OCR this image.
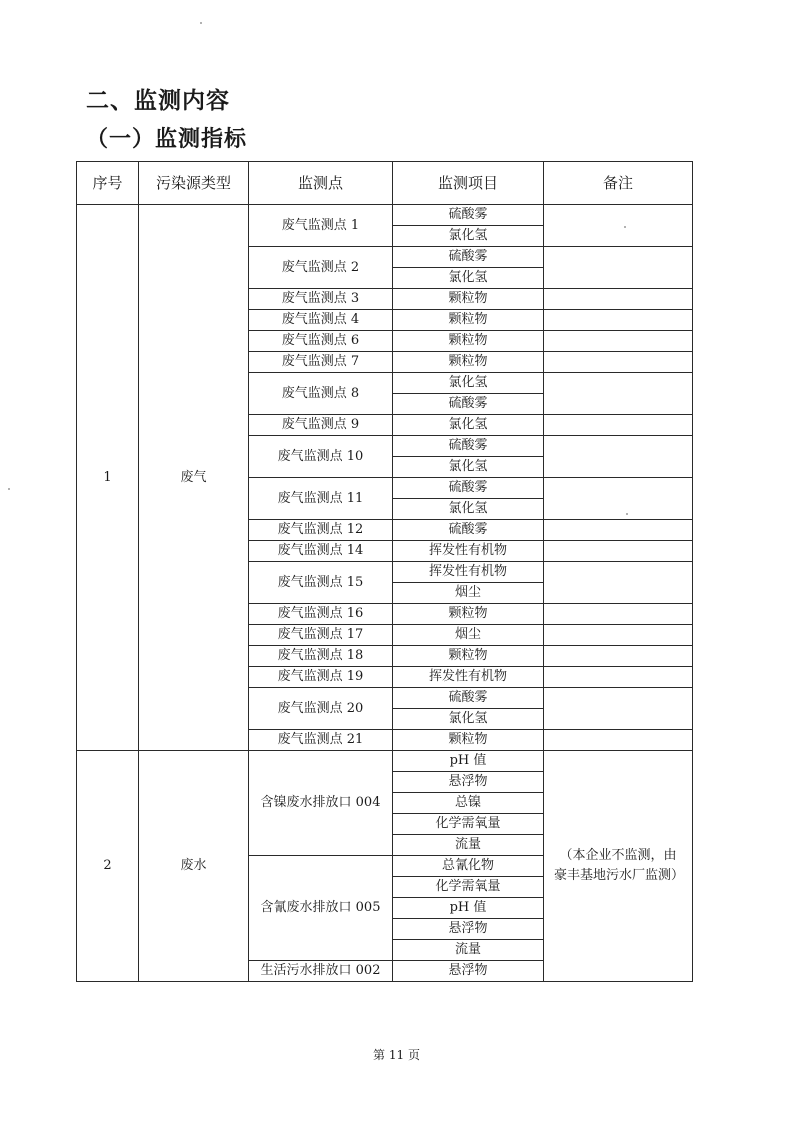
二、监测内容
（一）监测指标
序号	污染源类型	监测点	监测项目	备注
1	废气	废气监测点 1	硫酸雾	
			氯化氢	
		废气监测点 2	硫酸雾	
			氯化氢	
		废气监测点 3	颗粒物	
		废气监测点 4	颗粒物	
		废气监测点 6	颗粒物	
		废气监测点 7	颗粒物	
		废气监测点 8	氯化氢	
			硫酸雾	
		废气监测点 9	氯化氢	
		废气监测点 10	硫酸雾	
			氯化氢	
		废气监测点 11	硫酸雾	
			氯化氢	
		废气监测点 12	硫酸雾	
		废气监测点 14	挥发性有机物	
		废气监测点 15	挥发性有机物	
			烟尘	
		废气监测点 16	颗粒物	
		废气监测点 17	烟尘	
		废气监测点 18	颗粒物	
		废气监测点 19	挥发性有机物	
		废气监测点 20	硫酸雾	
			氯化氢	
		废气监测点 21	颗粒物	
2	废水	含镍废水排放口 004	pH 值	（本企业不监测，由豪丰基地污水厂监测）
			悬浮物	
			总镍	
			化学需氧量	
			流量	
		含氰废水排放口 005	总氰化物	
			化学需氧量	
			pH 值	
			悬浮物	
			流量	
		生活污水排放口 002	悬浮物	
第 11 页
